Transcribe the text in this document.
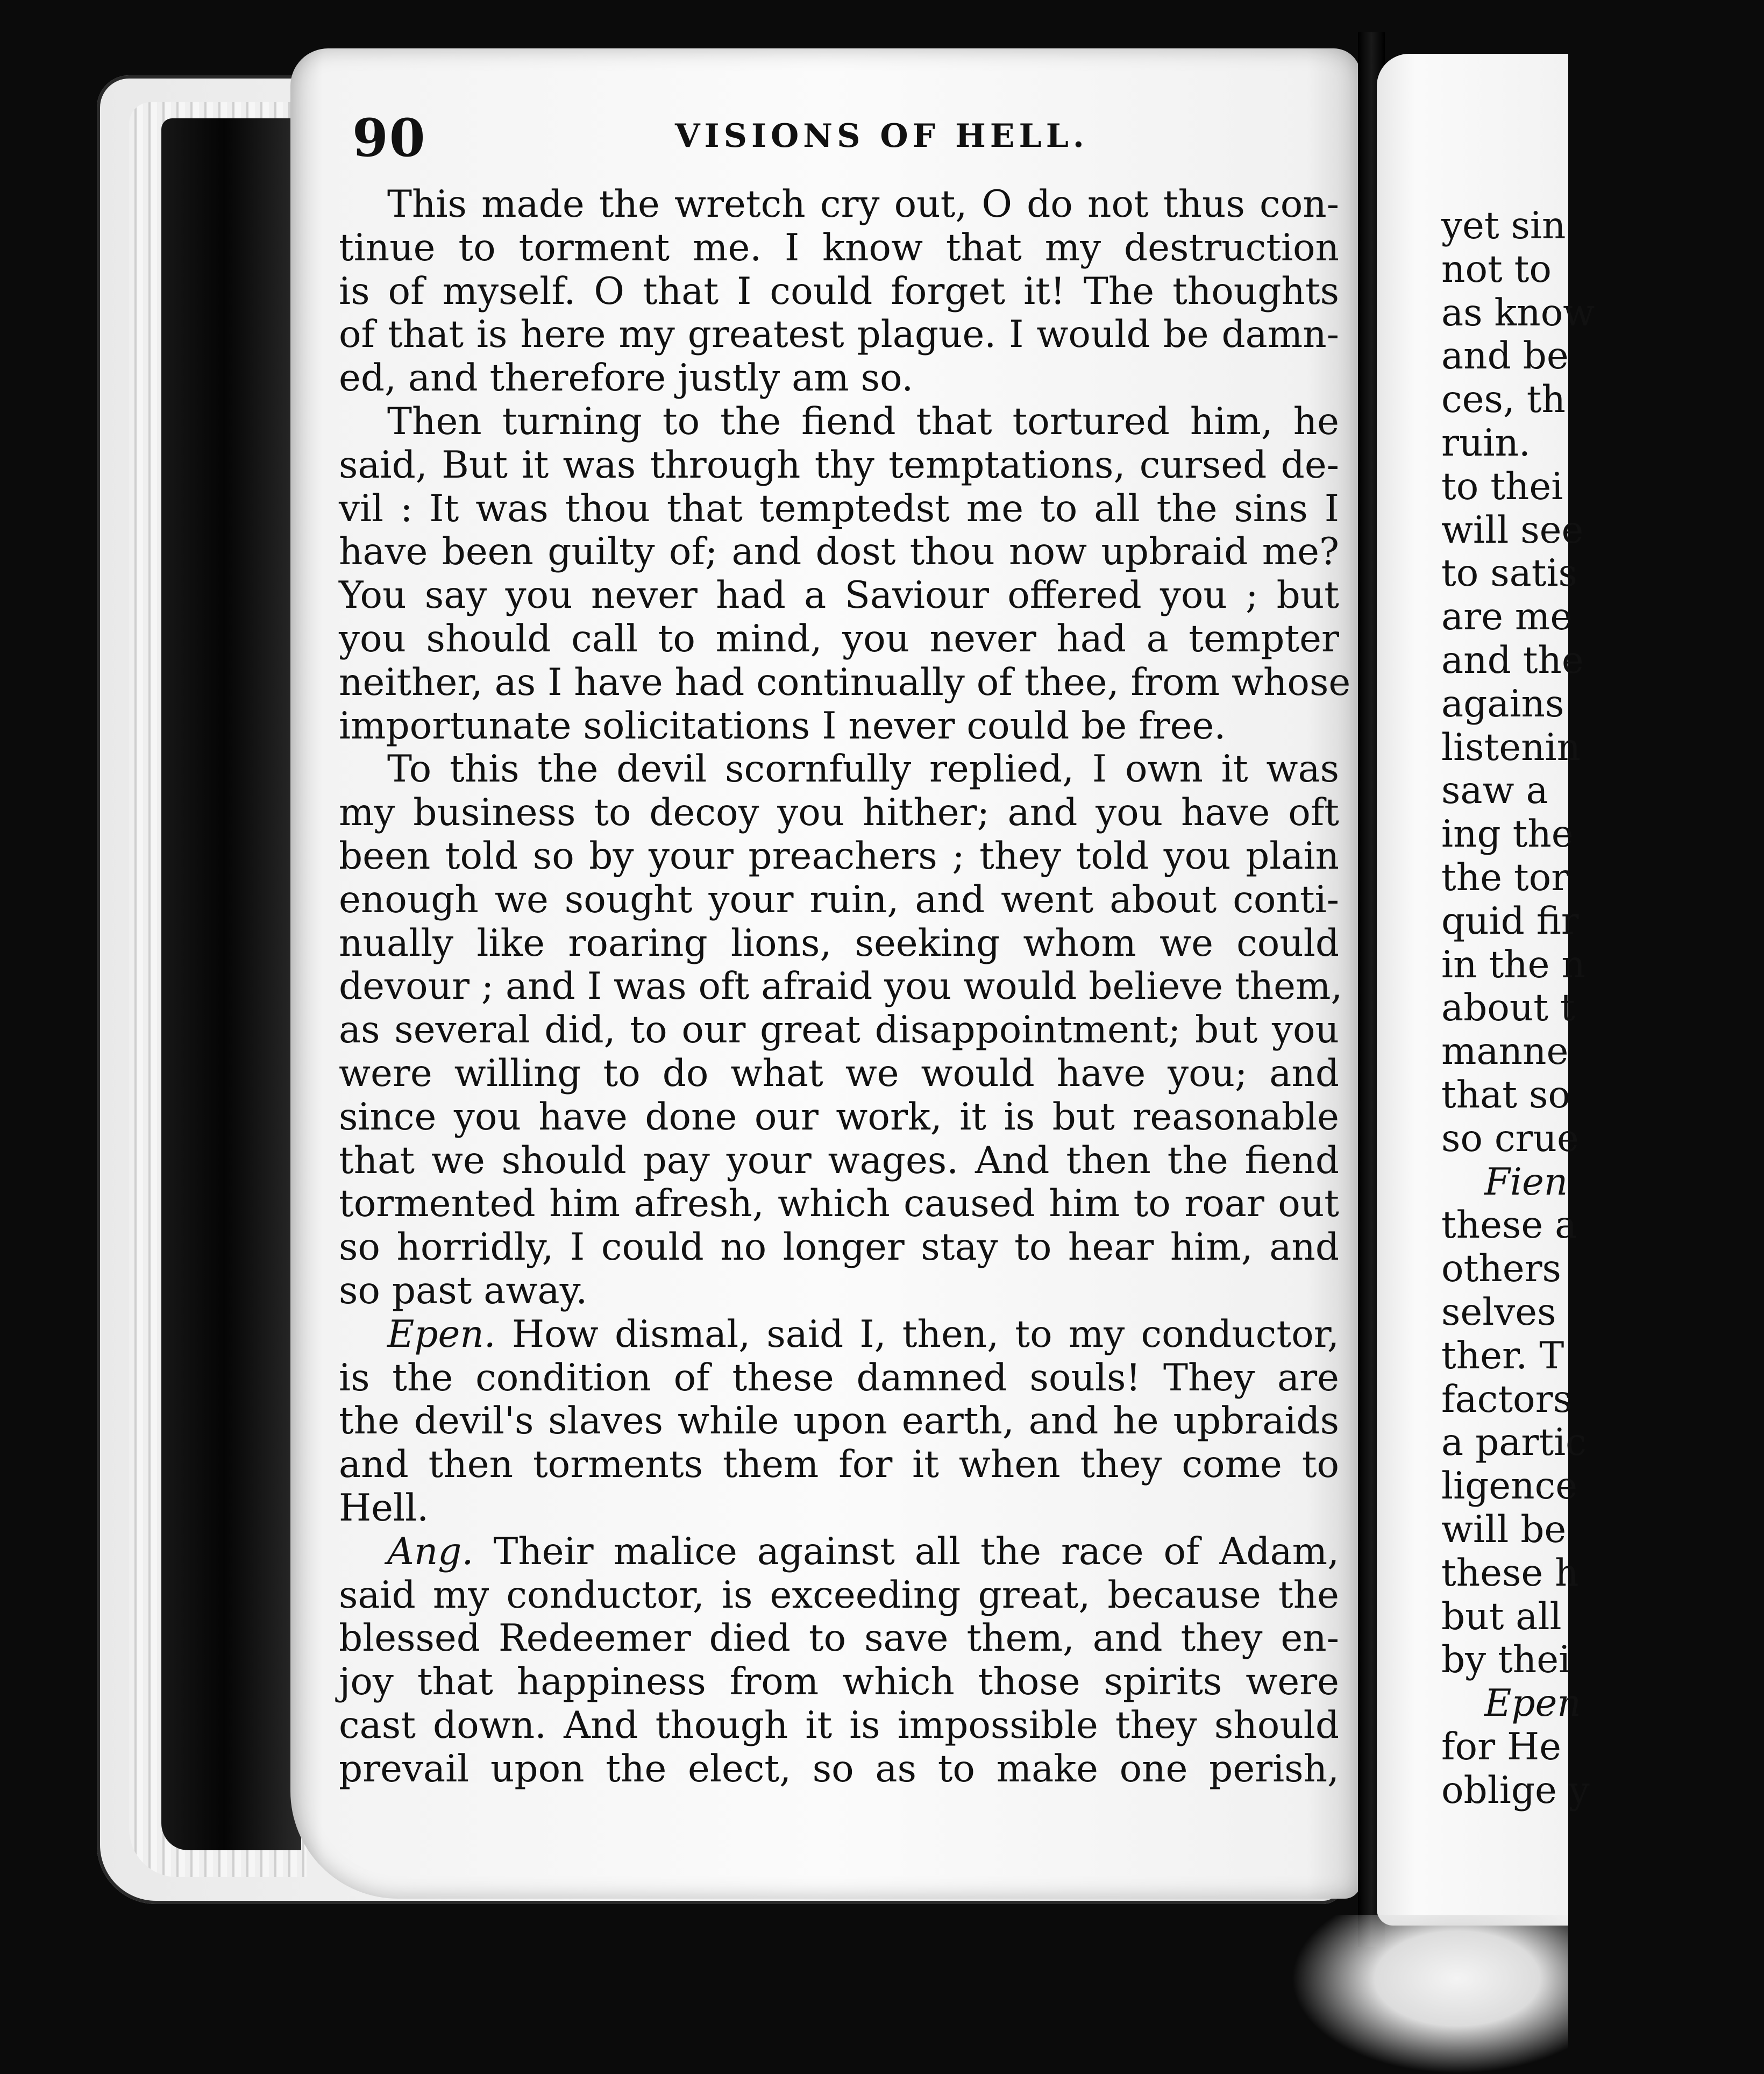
90	VISIONS OF HELL.
This made the wretch cry out, O do not thus con-
tinue to torment me. I know that my destruction
is of myself. O that I could forget it! The thoughts
of that is here my greatest plague. I would be damn-
ed, and therefore justly am so.
Then turning to the fiend that tortured him, he
said, But it was through thy temptations, cursed de-
vil : It was thou that temptedst me to all the sins I
have been guilty of; and dost thou now upbraid me?
You say you never had a Saviour offered you ; but
you should call to mind, you never had a tempter
neither, as I have had continually of thee, from whose
importunate solicitations I never could be free.
To this the devil scornfully replied, I own it was
my business to decoy you hither; and you have oft
been told so by your preachers ; they told you plain
enough we sought your ruin, and went about conti-
nually like roaring lions, seeking whom we could
devour ; and I was oft afraid you would believe them,
as several did, to our great disappointment; but you
were willing to do what we would have you; and
since you have done our work, it is but reasonable
that we should pay your wages. And then the fiend
tormented him afresh, which caused him to roar out
so horridly, I could no longer stay to hear him, and
so past away.
Epen. How dismal, said I, then, to my conductor,
is the condition of these damned souls! They are
the devil's slaves while upon earth, and he upbraids
and then torments them for it when they come to
Hell.
Ang. Their malice against all the race of Adam,
said my conductor, is exceeding great, because the
blessed Redeemer died to save them, and they en-
joy that happiness from which those spirits were
cast down. And though it is impossible they should
prevail upon the elect, so as to make one perish,
yet sin
not to
as know
and be
ces, th
ruin.
to thei
will see
to satis
are me
and the
agains
listenin
saw a
ing the
the tor
quid fir
in the n
about t
manne
that so
so crue
Fien
these a
others
selves
ther. T
factors
a partic
ligence
will be
these h
but all
by thei
Epen
for He
oblige y
